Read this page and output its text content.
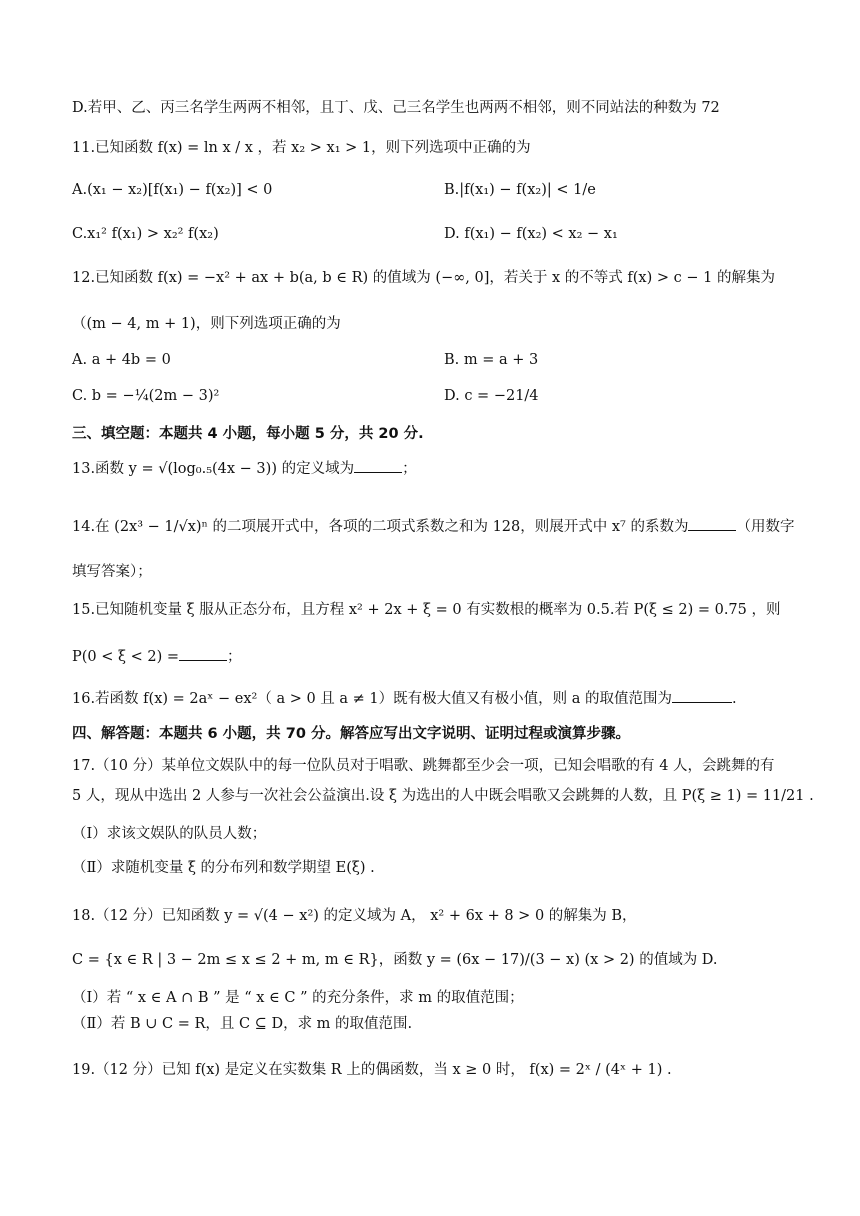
D.若甲、乙、丙三名学生两两不相邻，且丁、戊、己三名学生也两两不相邻，则不同站法的种数为 72
11.已知函数 f(x) = ln x / x ，若 x₂ > x₁ > 1，则下列选项中正确的为
A.(x₁ − x₂)[f(x₁) − f(x₂)] < 0	B.|f(x₁) − f(x₂)| < 1/e
C.x₁² f(x₁) > x₂² f(x₂)	D. f(x₁) − f(x₂) < x₂ − x₁
12.已知函数 f(x) = −x² + ax + b(a, b ∈ R) 的值域为 (−∞, 0]，若关于 x 的不等式 f(x) > c − 1 的解集为
（(m − 4, m + 1)，则下列选项正确的为
A. a + 4b = 0	B. m = a + 3
C. b = −¼(2m − 3)²	D. c = −21/4
三、填空题：本题共 4 小题，每小题 5 分，共 20 分.
13.函数 y = √(log₀.₅(4x − 3)) 的定义域为	；
14.在 (2x³ − 1/√x)ⁿ 的二项展开式中，各项的二项式系数之和为 128，则展开式中 x⁷ 的系数为	（用数字
填写答案）；
15.已知随机变量 ξ 服从正态分布，且方程 x² + 2x + ξ = 0 有实数根的概率为 0.5.若 P(ξ ≤ 2) = 0.75 ，则
P(0 < ξ < 2) =	；
16.若函数 f(x) = 2aˣ − ex²（ a > 0 且 a ≠ 1）既有极大值又有极小值，则 a 的取值范围为	.
四、解答题：本题共 6 小题，共 70 分。解答应写出文字说明、证明过程或演算步骤。
17.（10 分）某单位文娱队中的每一位队员对于唱歌、跳舞都至少会一项，已知会唱歌的有 4 人，会跳舞的有
5 人，现从中选出 2 人参与一次社会公益演出.设 ξ 为选出的人中既会唱歌又会跳舞的人数，且 P(ξ ≥ 1) = 11/21 .
（Ⅰ）求该文娱队的队员人数；
（Ⅱ）求随机变量 ξ 的分布列和数学期望 E(ξ) .
18.（12 分）已知函数 y = √(4 − x²) 的定义域为 A， x² + 6x + 8 > 0 的解集为 B，
C = {x ∈ R | 3 − 2m ≤ x ≤ 2 + m, m ∈ R}，函数 y = (6x − 17)/(3 − x) (x > 2) 的值域为 D.
（Ⅰ）若 “ x ∈ A ∩ B ” 是 “ x ∈ C ” 的充分条件，求 m 的取值范围；
（Ⅱ）若 B ∪ C = R，且 C ⊆ D，求 m 的取值范围.
19.（12 分）已知 f(x) 是定义在实数集 R 上的偶函数，当 x ≥ 0 时， f(x) = 2ˣ / (4ˣ + 1) .
